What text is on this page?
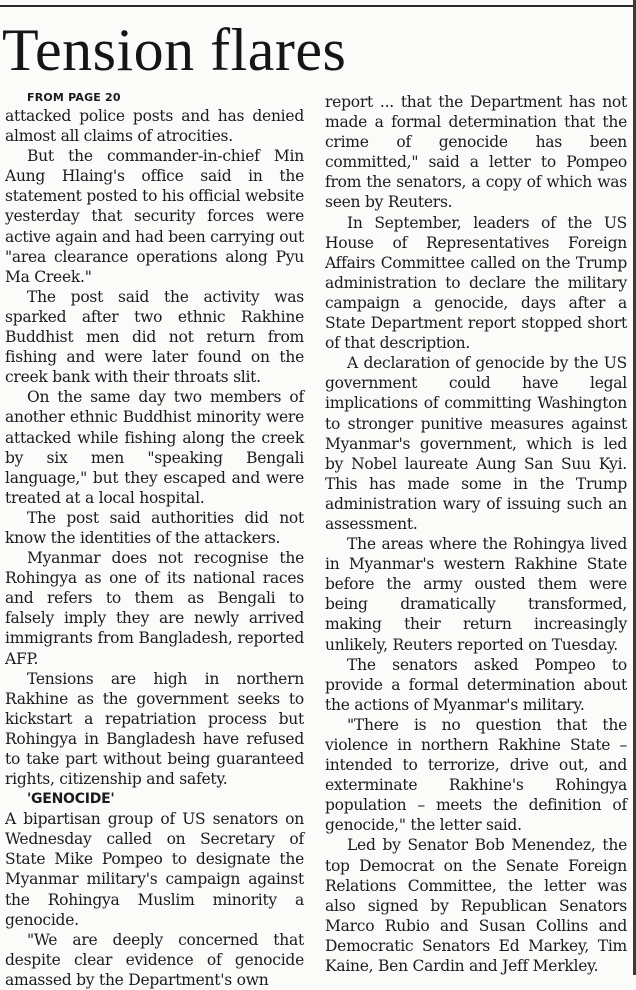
Tension flares

FROM PAGE 20

attacked police posts and has denied almost all claims of atrocities.

But the commander-in-chief Min Aung Hlaing's office said in the statement posted to his official website yesterday that security forces were active again and had been carrying out "area clearance operations along Pyu Ma Creek."

The post said the activity was sparked after two ethnic Rakhine Buddhist men did not return from fishing and were later found on the creek bank with their throats slit.

On the same day two members of another ethnic Buddhist minority were attacked while fishing along the creek by six men "speaking Bengali language," but they escaped and were treated at a local hospital.

The post said authorities did not know the identities of the attackers.

Myanmar does not recognise the Rohingya as one of its national races and refers to them as Bengali to falsely imply they are newly arrived immigrants from Bangladesh, reported AFP.

Tensions are high in northern Rakhine as the government seeks to kickstart a repatriation process but Rohingya in Bangladesh have refused to take part without being guaranteed rights, citizenship and safety.

'GENOCIDE'

A bipartisan group of US senators on Wednesday called on Secretary of State Mike Pompeo to designate the Myanmar military's campaign against the Rohingya Muslim minority a genocide.

"We are deeply concerned that despite clear evidence of genocide amassed by the Department's own

report ... that the Department has not made a formal determination that the crime of genocide has been committed," said a letter to Pompeo from the senators, a copy of which was seen by Reuters.

In September, leaders of the US House of Representatives Foreign Affairs Committee called on the Trump administration to declare the military campaign a genocide, days after a State Department report stopped short of that description.

A declaration of genocide by the US government could have legal implications of committing Washington to stronger punitive measures against Myanmar's government, which is led by Nobel laureate Aung San Suu Kyi. This has made some in the Trump administration wary of issuing such an assessment.

The areas where the Rohingya lived in Myanmar's western Rakhine State before the army ousted them were being dramatically transformed, making their return increasingly unlikely, Reuters reported on Tuesday.

The senators asked Pompeo to provide a formal determination about the actions of Myanmar's military.

"There is no question that the violence in northern Rakhine State – intended to terrorize, drive out, and exterminate Rakhine's Rohingya population – meets the definition of genocide," the letter said.

Led by Senator Bob Menendez, the top Democrat on the Senate Foreign Relations Committee, the letter was also signed by Republican Senators Marco Rubio and Susan Collins and Democratic Senators Ed Markey, Tim Kaine, Ben Cardin and Jeff Merkley.
